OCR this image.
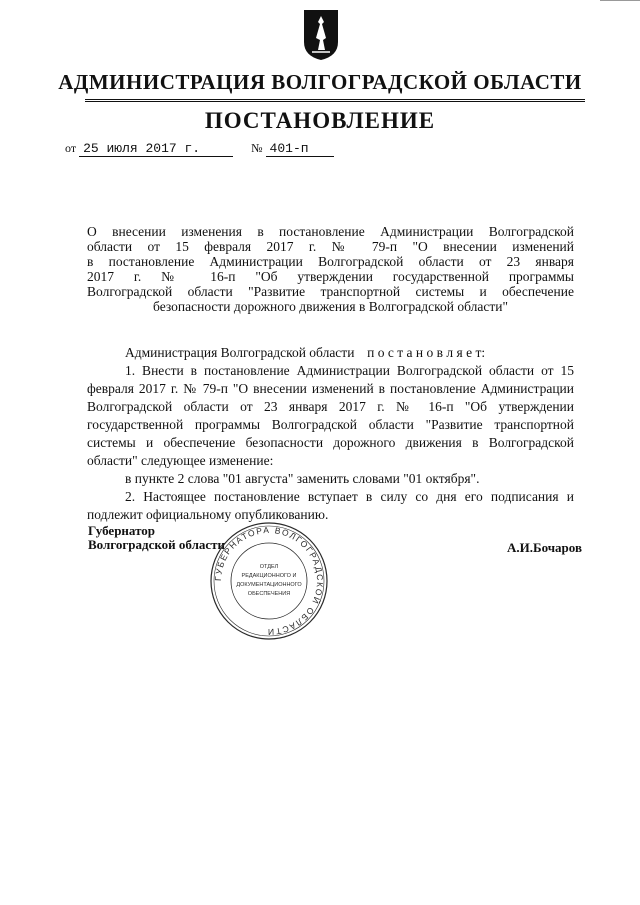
АДМИНИСТРАЦИЯ ВОЛГОГРАДСКОЙ ОБЛАСТИ
ПОСТАНОВЛЕНИЕ
от 25 июля 2017 г.	№ 401-п
О внесении изменения в постановление Администрации Волгоградской
области от 15 февраля 2017 г. № 79-п "О внесении изменений
в постановление Администрации Волгоградской области от 23 января
2017 г. № 16-п "Об утверждении государственной программы
Волгоградской области "Развитие транспортной системы и обеспечение
безопасности дорожного движения в Волгоградской области"

Администрация Волгоградской области п о с т а н о в л я е т:

1. Внести в постановление Администрации Волгоградской области от 15 февраля 2017 г. № 79-п "О внесении изменений в постановление Администрации Волгоградской области от 23 января 2017 г. № 16-п "Об утверждении государственной программы Волгоградской области "Развитие транспортной системы и обеспечение безопасности дорожного движения в Волгоградской области" следующее изменение:

в пункте 2 слова "01 августа" заменить словами "01 октября".

2. Настоящее постановление вступает в силу со дня его подписания и подлежит официальному опубликованию.

Губернатор
Волгоградской области	А.И.Бочаров
ГУБЕРНАТОРА ВОЛГОГРАДСКОЙ ОБЛАСТИ
ОТДЕЛ
РЕДАКЦИОННОГО И
ДОКУМЕНТАЦИОННОГО
ОБЕСПЕЧЕНИЯ
